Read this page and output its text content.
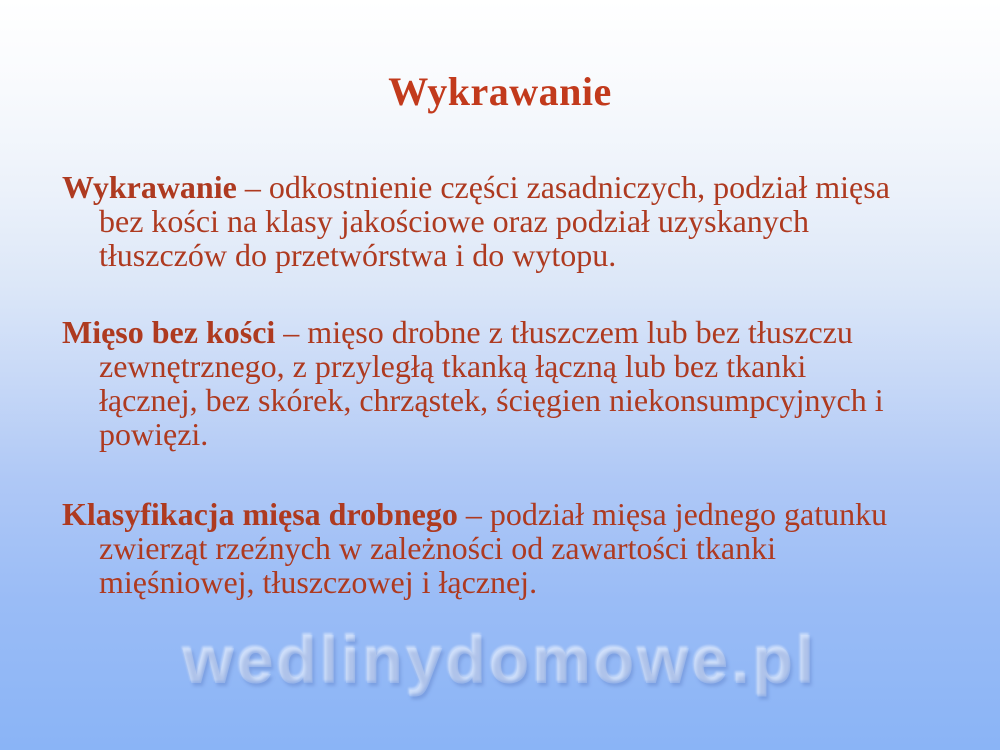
Wykrawanie
Wykrawanie – odkostnienie części zasadniczych, podział mięsa
bez kości na klasy jakościowe oraz podział uzyskanych
tłuszczów do przetwórstwa i do wytopu.
Mięso bez kości – mięso drobne z tłuszczem lub bez tłuszczu
zewnętrznego, z przyległą tkanką łączną lub bez tkanki
łącznej, bez skórek, chrząstek, ścięgien niekonsumpcyjnych i
powięzi.
Klasyfikacja mięsa drobnego – podział mięsa jednego gatunku
zwierząt rzeźnych w zależności od zawartości tkanki
mięśniowej, tłuszczowej i łącznej.
wedlinydomowe.pl
